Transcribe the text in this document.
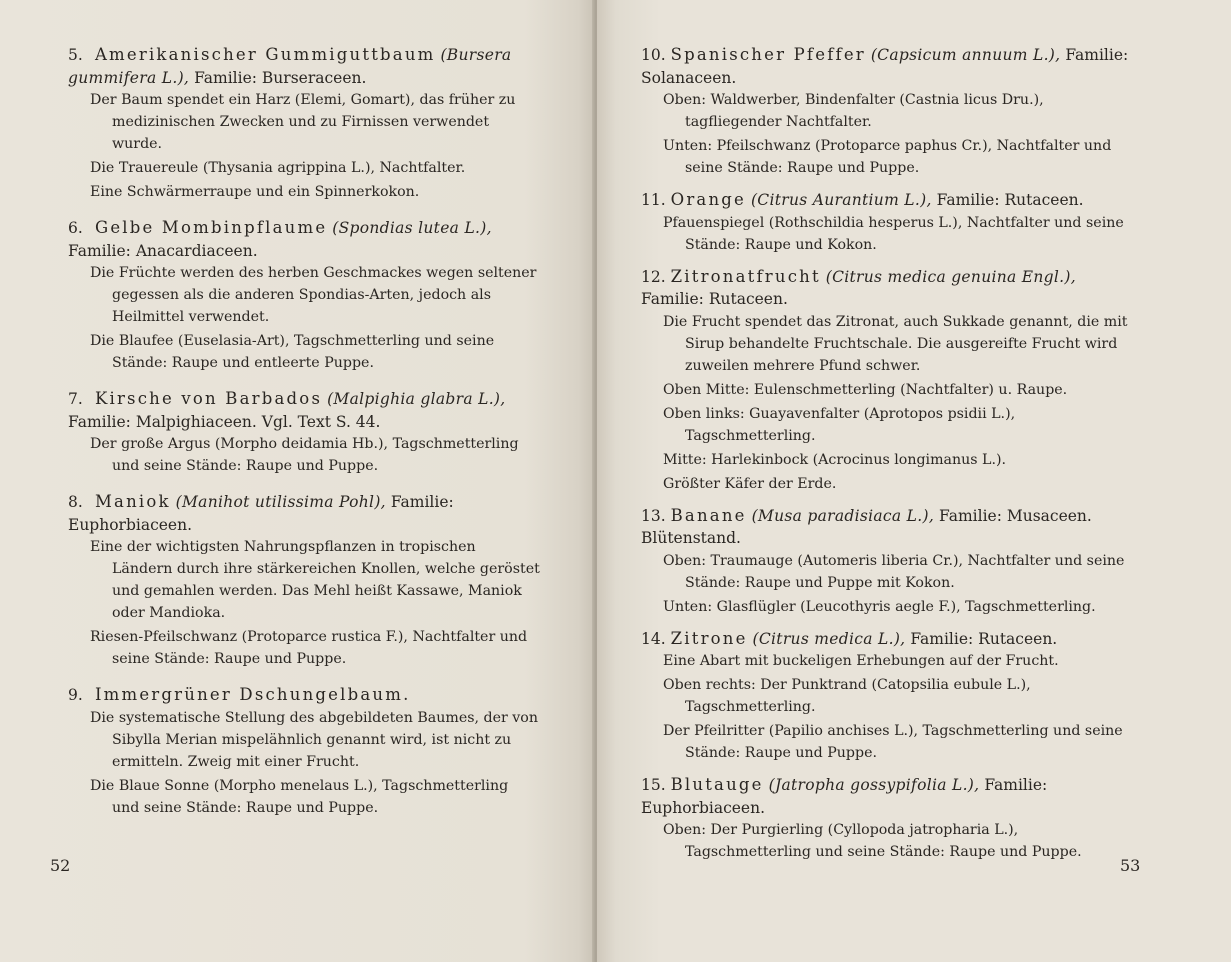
5. Amerikanischer Gummiguttbaum (Bursera gummifera L.), Familie: Burseraceen.

Der Baum spendet ein Harz (Elemi, Gomart), das früher zu medizinischen Zwecken und zu Firnissen verwendet wurde.

Die Trauereule (Thysania agrippina L.), Nachtfalter.

Eine Schwärmerraupe und ein Spinnerkokon.

6. Gelbe Mombinpflaume (Spondias lutea L.), Familie: Anacardiaceen.

Die Früchte werden des herben Geschmackes wegen seltener gegessen als die anderen Spondias-Arten, jedoch als Heilmittel verwendet.

Die Blaufee (Euselasia-Art), Tagschmetterling und seine Stände: Raupe und entleerte Puppe.

7. Kirsche von Barbados (Malpighia glabra L.), Familie: Malpighiaceen. Vgl. Text S. 44.

Der große Argus (Morpho deidamia Hb.), Tagschmetterling und seine Stände: Raupe und Puppe.

8. Maniok (Manihot utilissima Pohl), Familie: Euphorbiaceen.

Eine der wichtigsten Nahrungspflanzen in tropischen Ländern durch ihre stärkereichen Knollen, welche geröstet und gemahlen werden. Das Mehl heißt Kassawe, Maniok oder Mandioka.

Riesen-Pfeilschwanz (Protoparce rustica F.), Nachtfalter und seine Stände: Raupe und Puppe.

9. Immergrüner Dschungelbaum.

Die systematische Stellung des abgebildeten Baumes, der von Sibylla Merian mispelähnlich genannt wird, ist nicht zu ermitteln. Zweig mit einer Frucht.

Die Blaue Sonne (Morpho menelaus L.), Tagschmetterling und seine Stände: Raupe und Puppe.

52

10. Spanischer Pfeffer (Capsicum annuum L.), Familie: Solanaceen.

Oben: Waldwerber, Bindenfalter (Castnia licus Dru.), tagfliegender Nachtfalter.

Unten: Pfeilschwanz (Protoparce paphus Cr.), Nachtfalter und seine Stände: Raupe und Puppe.

11. Orange (Citrus Aurantium L.), Familie: Rutaceen.

Pfauenspiegel (Rothschildia hesperus L.), Nachtfalter und seine Stände: Raupe und Kokon.

12. Zitronatfrucht (Citrus medica genuina Engl.), Familie: Rutaceen.

Die Frucht spendet das Zitronat, auch Sukkade genannt, die mit Sirup behandelte Fruchtschale. Die ausgereifte Frucht wird zuweilen mehrere Pfund schwer.

Oben Mitte: Eulenschmetterling (Nachtfalter) u. Raupe.

Oben links: Guayavenfalter (Aprotopos psidii L.), Tagschmetterling.

Mitte: Harlekinbock (Acrocinus longimanus L.).

Größter Käfer der Erde.

13. Banane (Musa paradisiaca L.), Familie: Musaceen. Blütenstand.

Oben: Traumauge (Automeris liberia Cr.), Nachtfalter und seine Stände: Raupe und Puppe mit Kokon.

Unten: Glasflügler (Leucothyris aegle F.), Tagschmetterling.

14. Zitrone (Citrus medica L.), Familie: Rutaceen.

Eine Abart mit buckeligen Erhebungen auf der Frucht.

Oben rechts: Der Punktrand (Catopsilia eubule L.), Tagschmetterling.

Der Pfeilritter (Papilio anchises L.), Tagschmetterling und seine Stände: Raupe und Puppe.

15. Blutauge (Jatropha gossypifolia L.), Familie: Euphorbiaceen.

Oben: Der Purgierling (Cyllopoda jatropharia L.), Tagschmetterling und seine Stände: Raupe und Puppe.

53
